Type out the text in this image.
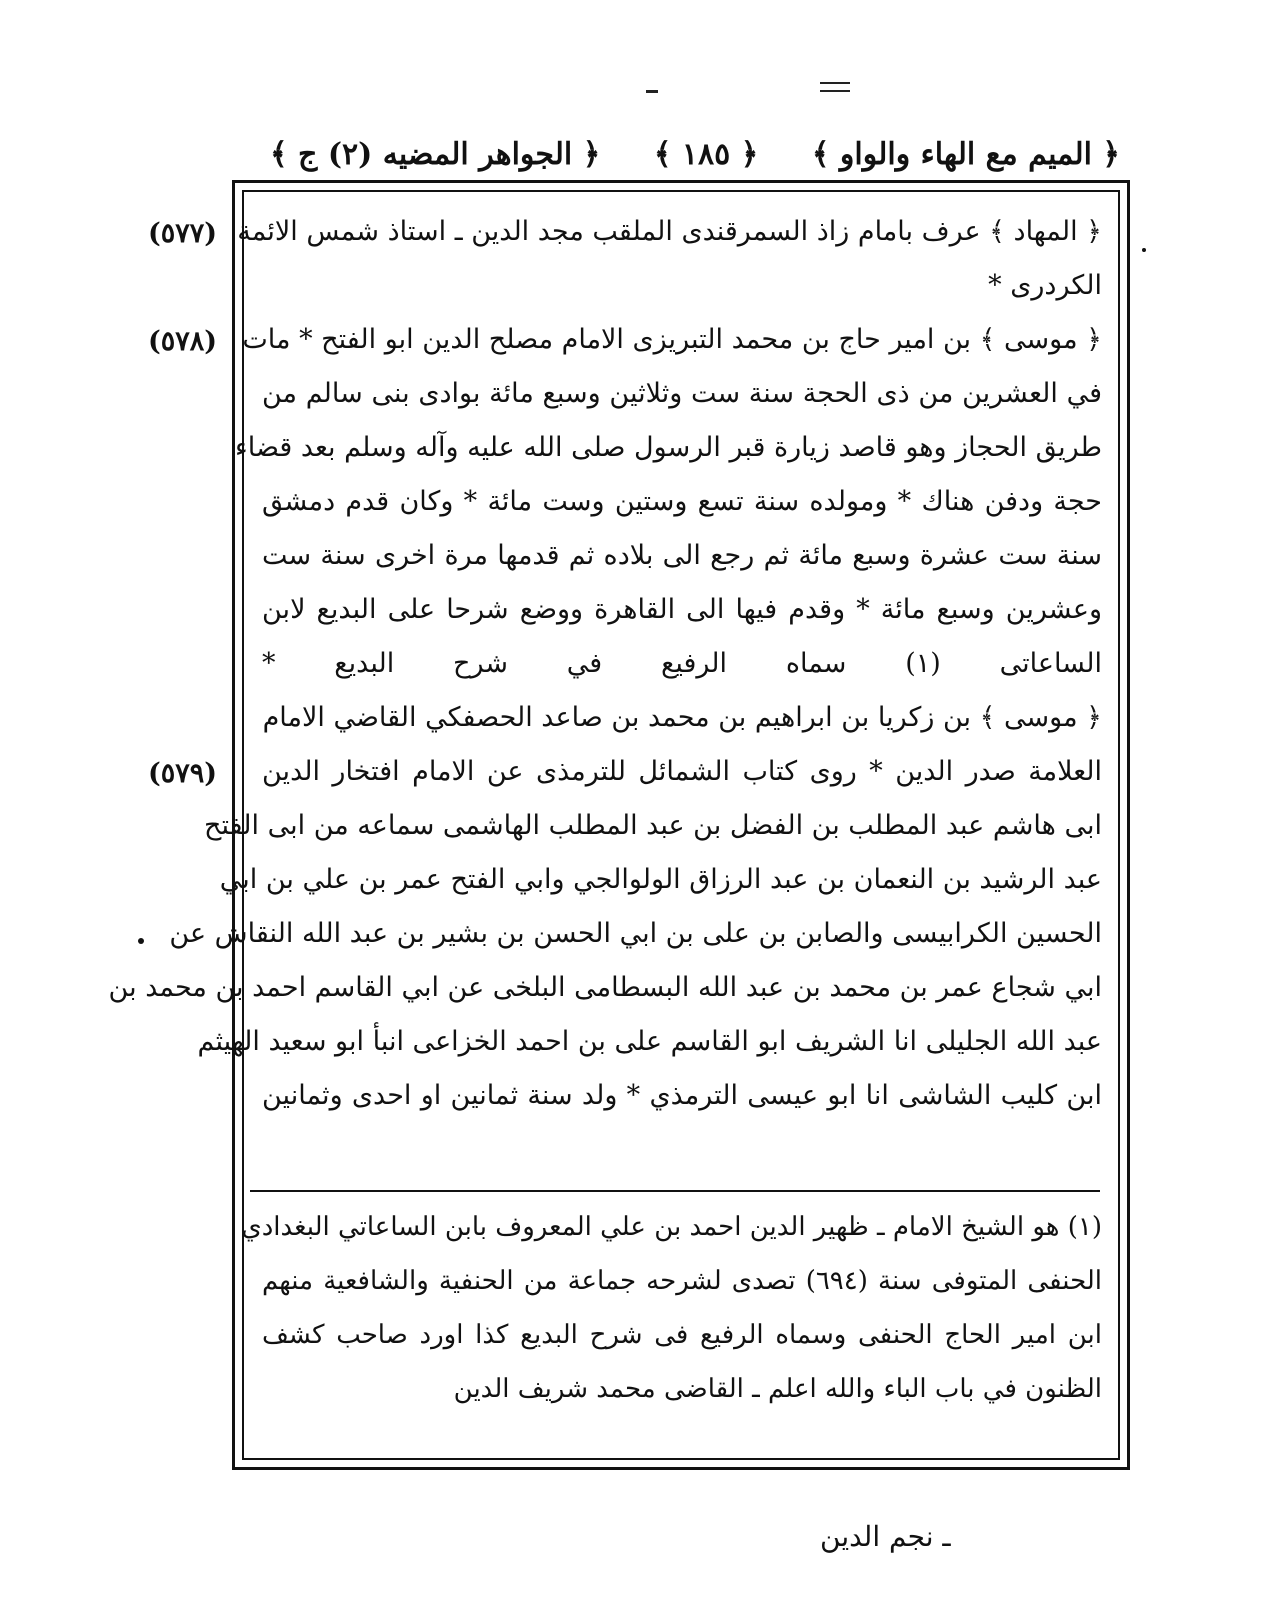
﴿ الميم مع الهاء والواو ﴾
﴿ ١٨٥ ﴾
﴿ الجواهر المضيه (٢) ج ﴾
(٥٧٧)
(٥٧٨)
(٥٧٩)
﴿ المهاد ﴾ عرف بامام زاذ السمرقندی الملقب مجد الدين ـ استاذ شمس الائمة
الكردری *
﴿ موسى ﴾ بن امير حاج بن محمد التبريزی الامام مصلح الدين ابو الفتح * مات
في العشرين من ذی الحجة سنة ست وثلاثين وسبع مائة بوادی بنی سالم من
طريق الحجاز وهو قاصد زيارة قبر الرسول صلى الله عليه وآله وسلم بعد قضاء
حجة ودفن هناك * ومولده سنة تسع وستين وست مائة * وكان قدم دمشق
سنة ست عشرة وسبع مائة ثم رجع الى بلاده ثم قدمها مرة اخرى سنة ست
وعشرين وسبع مائة * وقدم فيها الى القاهرة ووضع شرحا على البديع لابن
الساعاتی (١) سماه الرفيع في شرح البديع *
﴿ موسى ﴾ بن زكريا بن ابراهيم بن محمد بن صاعد الحصفكي القاضي الامام
العلامة صدر الدين * روى كتاب الشمائل للترمذی عن الامام افتخار الدين
ابی هاشم عبد المطلب بن الفضل بن عبد المطلب الهاشمی سماعه من ابی الفتح
عبد الرشيد بن النعمان بن عبد الرزاق الولوالجي وابي الفتح عمر بن علي بن ابي
الحسين الكرابيسی والصابن بن علی بن ابي الحسن بن بشير بن عبد الله النقاش عن
ابي شجاع عمر بن محمد بن عبد الله البسطامی البلخی عن ابي القاسم احمد بن محمد بن
عبد الله الجليلی انا الشريف ابو القاسم علی بن احمد الخزاعی انبأ ابو سعيد الهيثم
ابن كليب الشاشی انا ابو عيسى الترمذي * ولد سنة ثمانين او احدى وثمانين
(١) هو الشيخ الامام ـ ظهير الدين احمد بن علي المعروف بابن الساعاتي البغدادي
الحنفی المتوفی سنة (٦٩٤) تصدی لشرحه جماعة من الحنفية والشافعية منهم
ابن امير الحاج الحنفی وسماه الرفيع فی شرح البديع كذا اورد صاحب كشف
الظنون في باب الباء والله اعلم ـ القاضی محمد شريف الدين
ـ نجم الدين
